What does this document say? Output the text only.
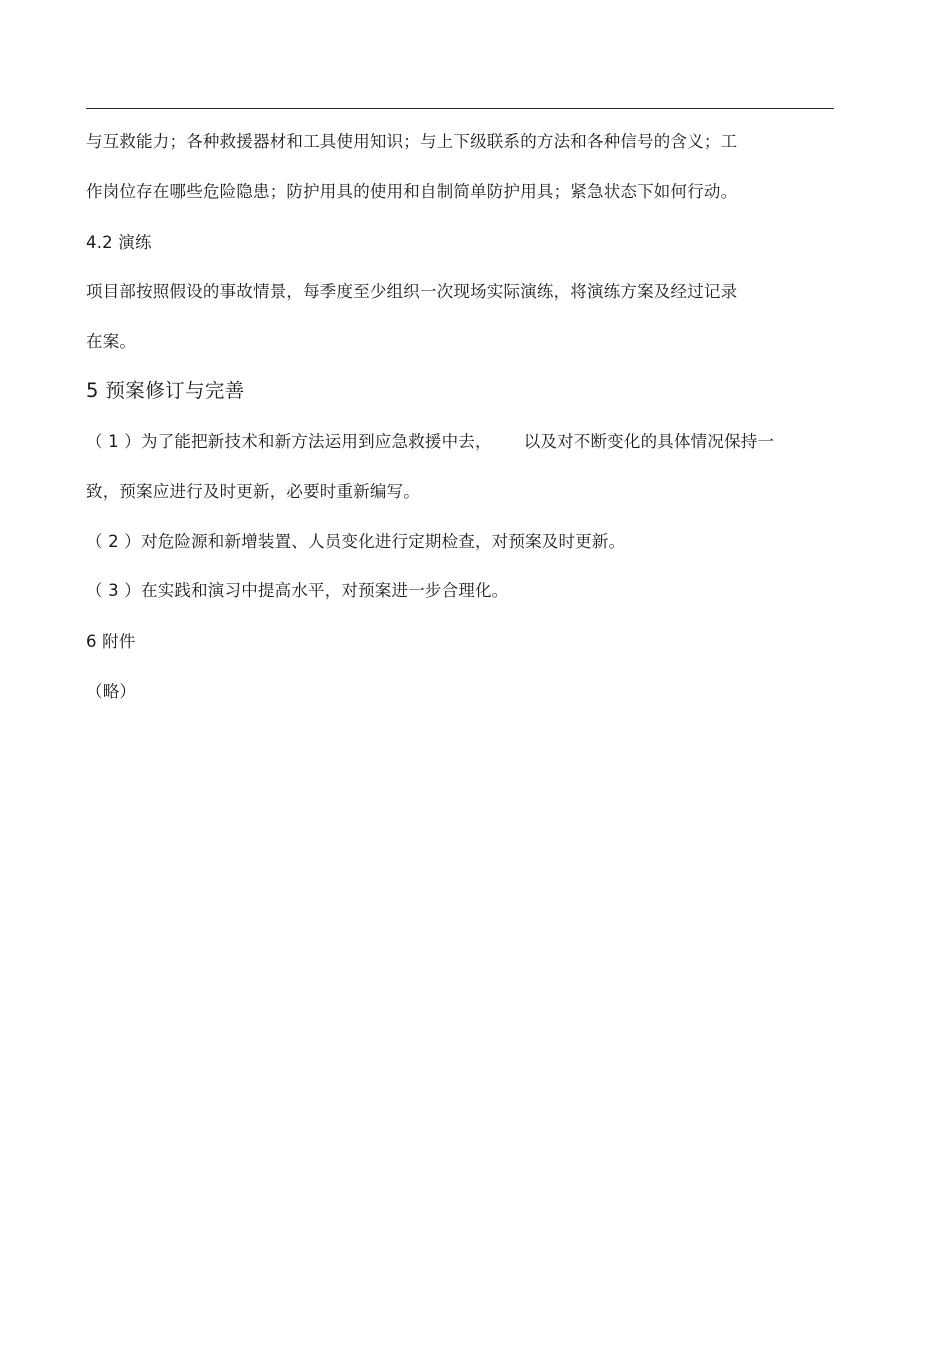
与互救能力；各种救援器材和工具使用知识；与上下级联系的方法和各种信号的含义；工
作岗位存在哪些危险隐患；防护用具的使用和自制简单防护用具；紧急状态下如何行动。
4.2 演练
项目部按照假设的事故情景，每季度至少组织一次现场实际演练，将演练方案及经过记录
在案。
5 预案修订与完善
（ 1 ）为了能把新技术和新方法运用到应急救援中去， 以及对不断变化的具体情况保持一
致，预案应进行及时更新，必要时重新编写。
（ 2 ）对危险源和新增装置、人员变化进行定期检查，对预案及时更新。
（ 3 ）在实践和演习中提高水平，对预案进一步合理化。
6 附件
（略）
